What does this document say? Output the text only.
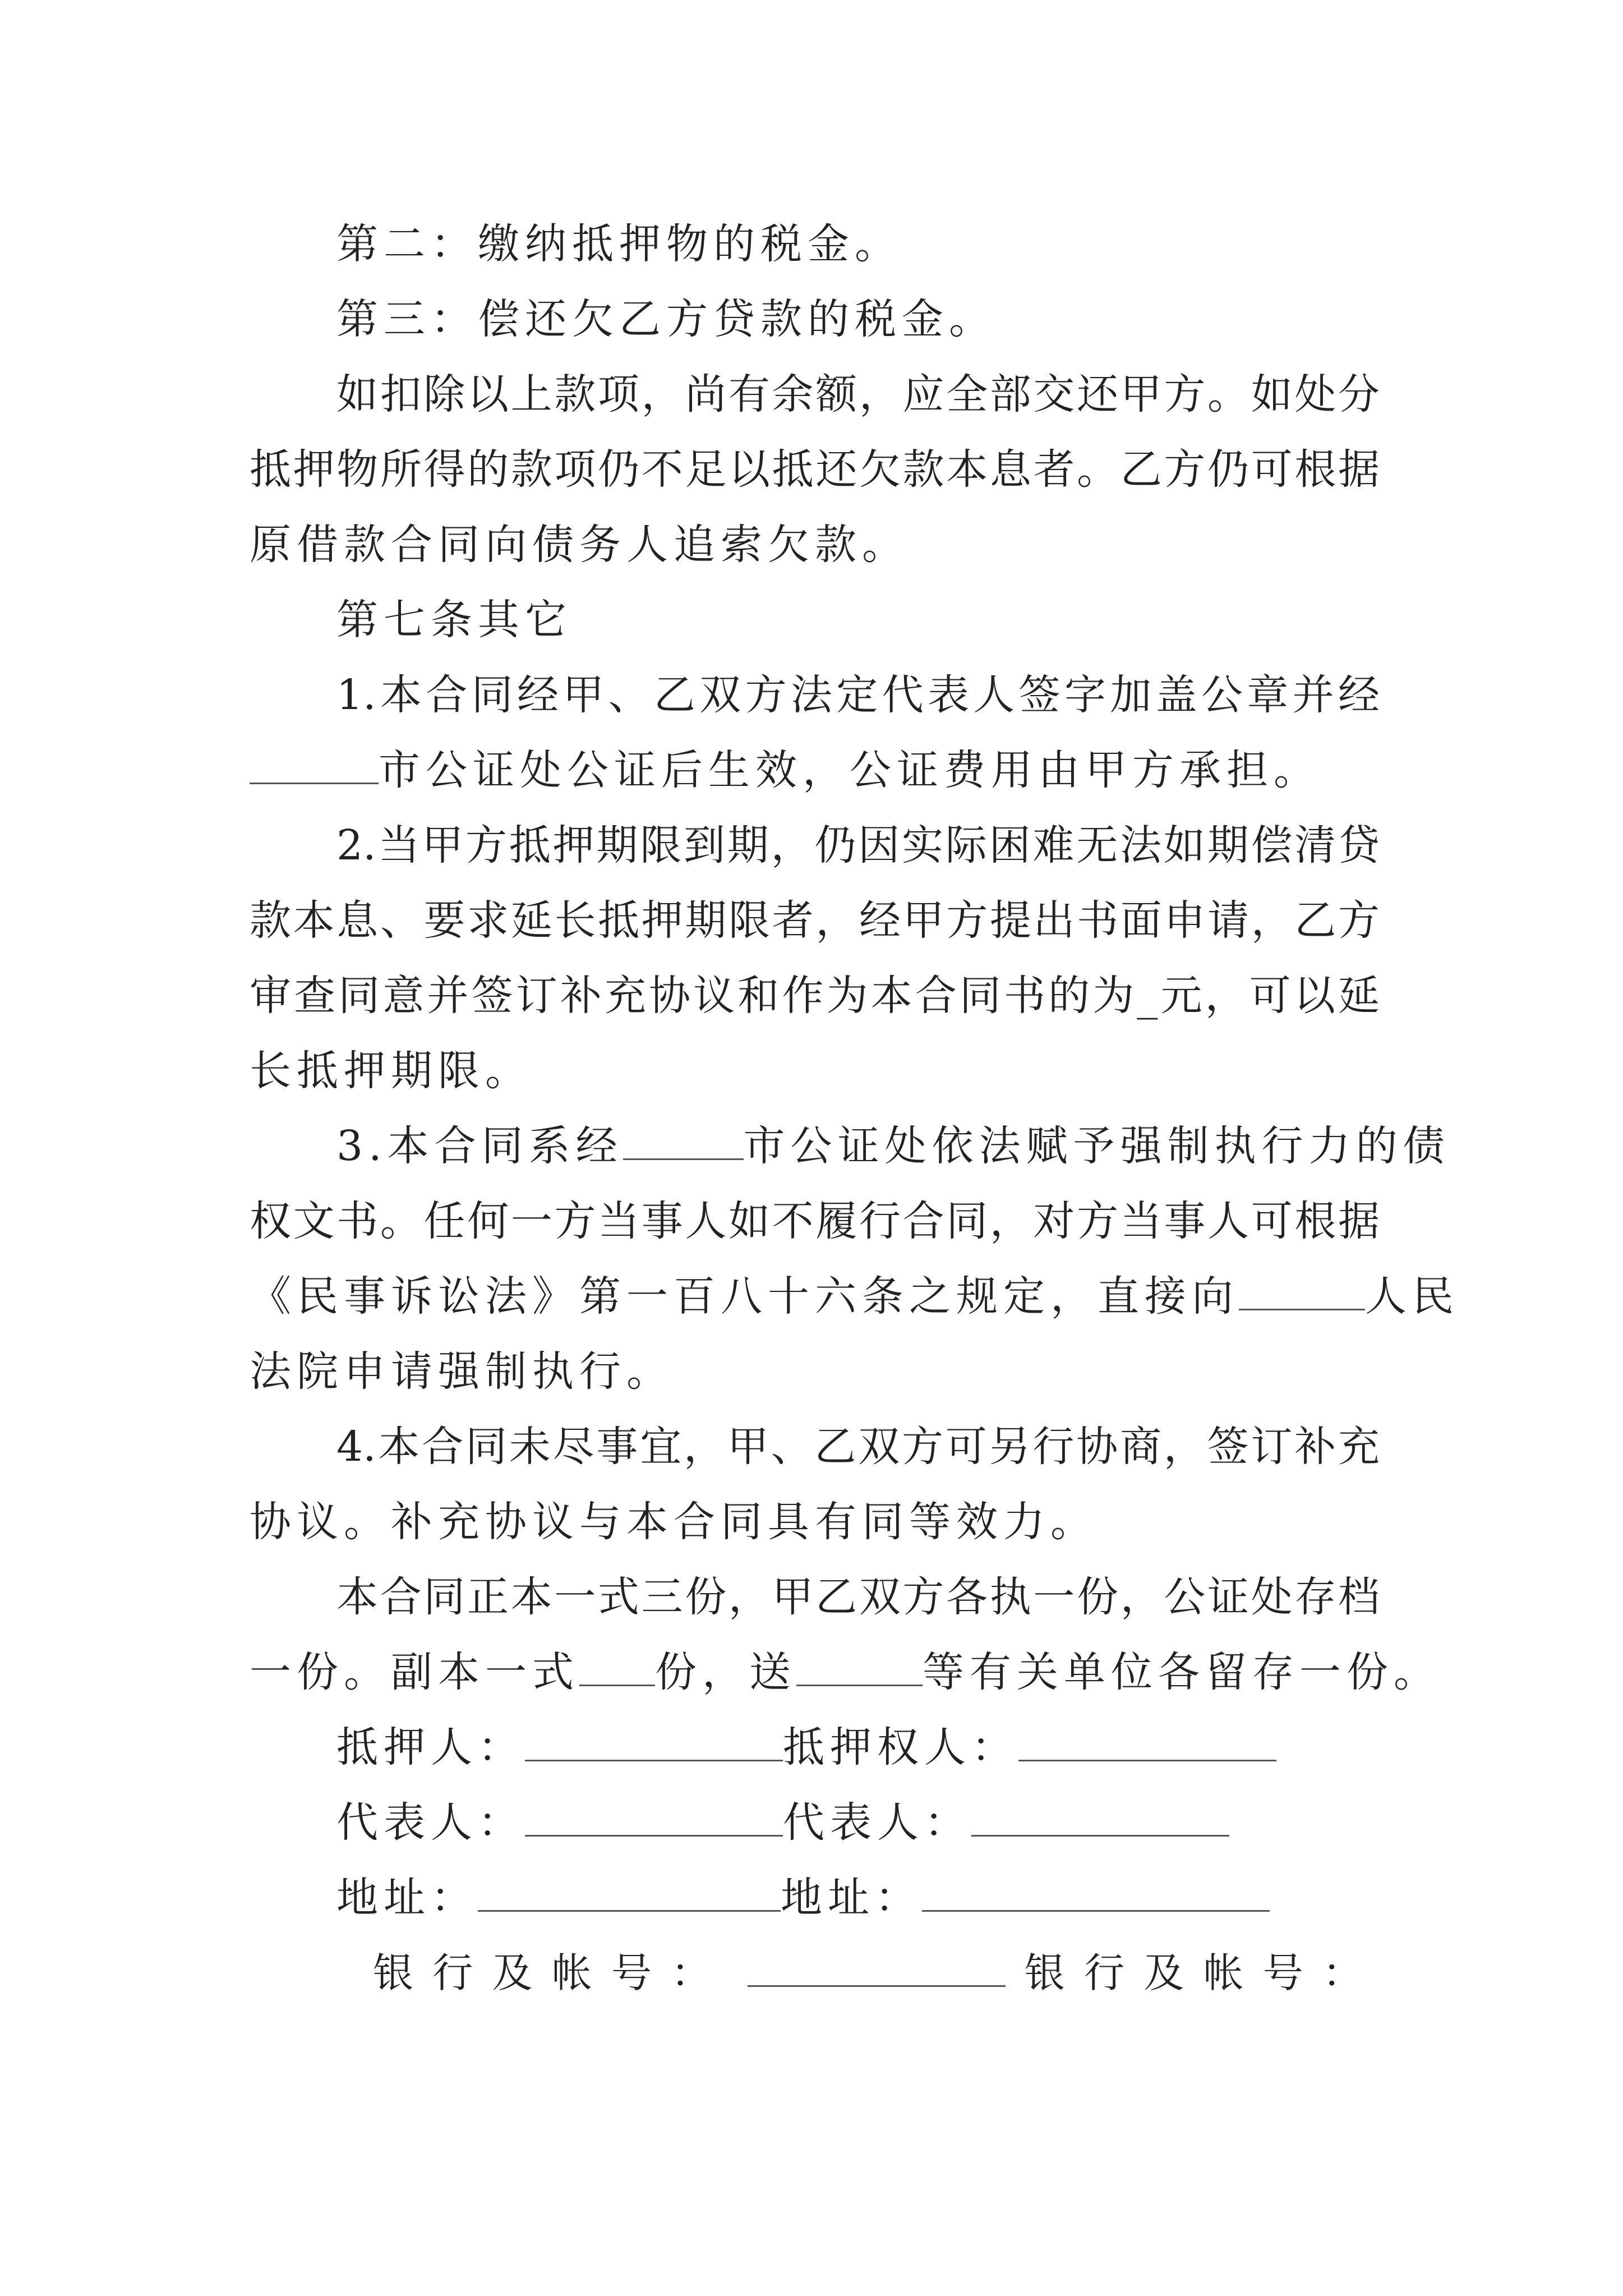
第二：缴纳抵押物的税金。
第三：偿还欠乙方贷款的税金。
如扣除以上款项，尚有余额，应全部交还甲方。如处分
抵押物所得的款项仍不足以抵还欠款本息者。乙方仍可根据
原借款合同向债务人追索欠款。
第七条其它
1.本合同经甲、乙双方法定代表人签字加盖公章并经
市公证处公证后生效，公证费用由甲方承担。
2.当甲方抵押期限到期，仍因实际困难无法如期偿清贷
款本息、要求延长抵押期限者，经甲方提出书面申请，乙方
审查同意并签订补充协议和作为本合同书的为_元，可以延
长抵押期限。
3.本合同系经	市公证处依法赋予强制执行力的债
权文书。任何一方当事人如不履行合同，对方当事人可根据
《民事诉讼法》第一百八十六条之规定，直接向	人民
法院申请强制执行。
4.本合同未尽事宜，甲、乙双方可另行协商，签订补充
协议。补充协议与本合同具有同等效力。
本合同正本一式三份，甲乙双方各执一份，公证处存档
一份。副本一式 份，送	等有关单位各留存一份。
抵押人：	抵押权人：
代表人：	代表人：
地址：	地址：
银行及帐号：	银行及帐号：
